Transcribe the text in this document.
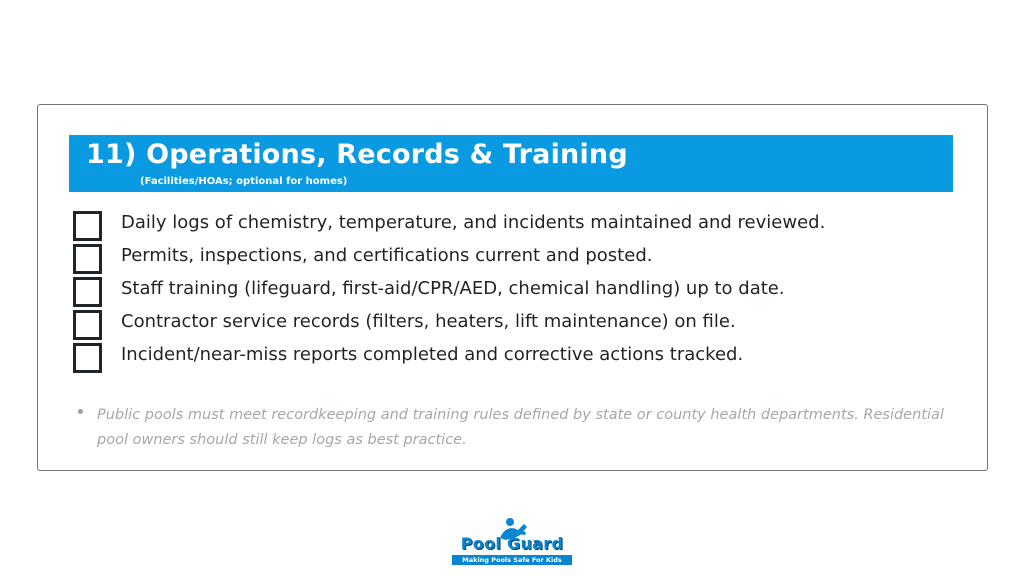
11) Operations, Records & Training
(Facilities/HOAs; optional for homes)
Daily logs of chemistry, temperature, and incidents maintained and reviewed.
Permits, inspections, and certifications current and posted.
Staff training (lifeguard, first-aid/CPR/AED, chemical handling) up to date.
Contractor service records (filters, heaters, lift maintenance) on file.
Incident/near-miss reports completed and corrective actions tracked.
Public pools must meet recordkeeping and training rules defined by state or county health departments. Residential pool owners should still keep logs as best practice.
Pool Guard
Making Pools Safe For Kids
